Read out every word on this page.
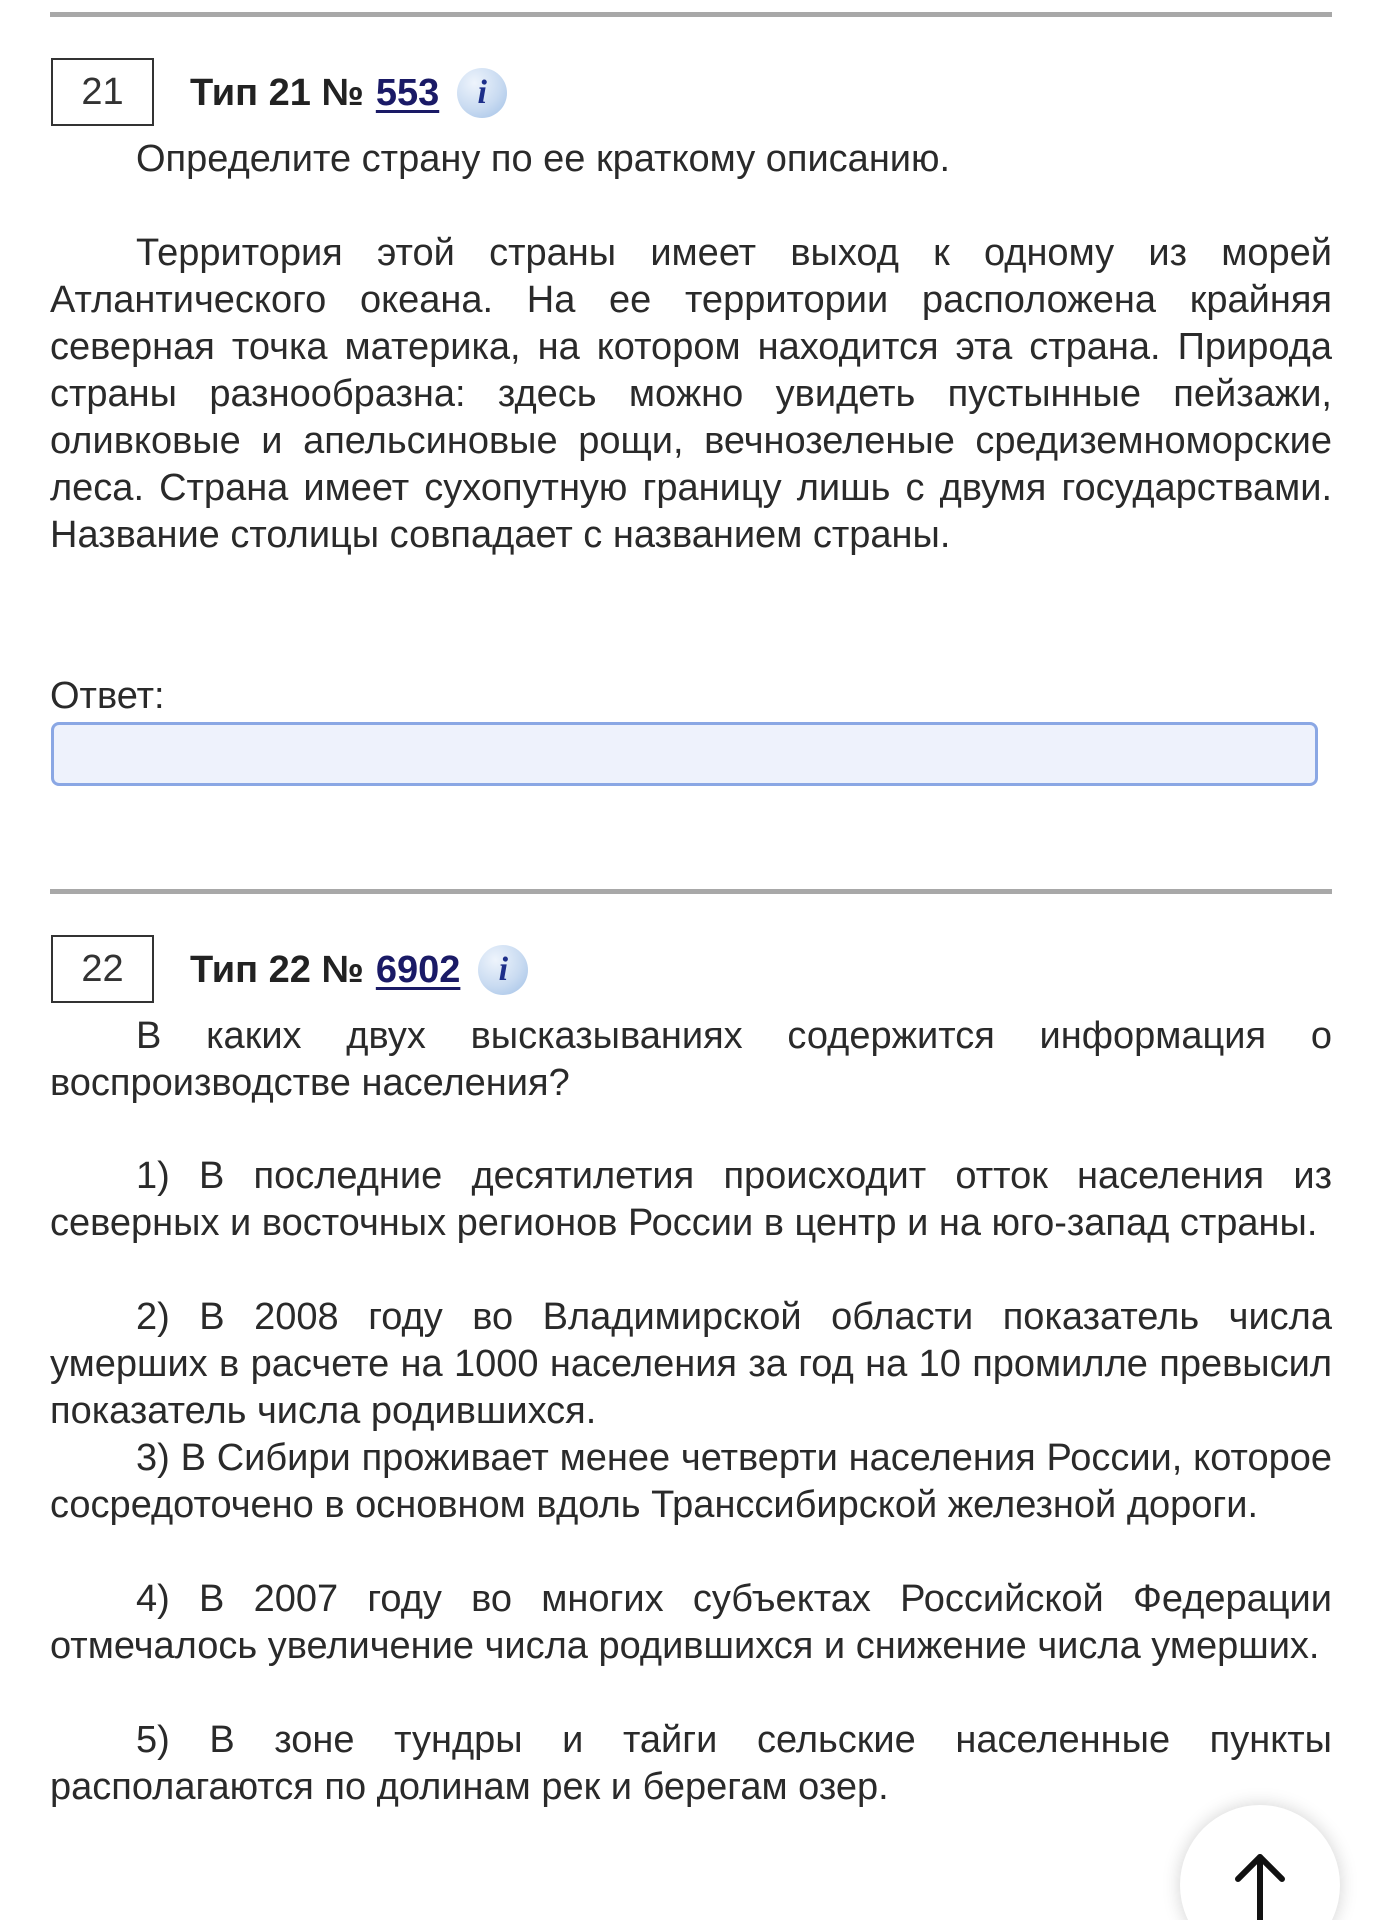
21	Тип 21 № 553	i

Определите страну по ее краткому описанию.

Территория этой страны имеет выход к одному из морей Атлантического океана. На ее территории расположена крайняя северная точка материка, на котором находится эта страна. Природа страны разнообразна: здесь можно увидеть пустынные пейзажи, оливковые и апельсиновые рощи, вечнозеленые средиземноморские леса. Страна имеет сухопутную границу лишь с двумя государствами. Название столицы совпадает с названием страны.

Ответ:
22	Тип 22 № 6902	i

В каких двух высказываниях содержится информация о воспроизводстве населения?

1) В последние десятилетия происходит отток населения из северных и восточных регионов России в центр и на юго-запад страны.

2) В 2008 году во Владимирской области показатель числа умерших в расчете на 1000 населения за год на 10 промилле превысил показатель числа родившихся.

3) В Сибири проживает менее четверти населения России, которое сосредоточено в основном вдоль Транссибирской железной дороги.

4) В 2007 году во многих субъектах Российской Федерации отмечалось увеличение числа родившихся и снижение числа умерших.

5) В зоне тундры и тайги сельские населенные пункты располагаются по долинам рек и берегам озер.
